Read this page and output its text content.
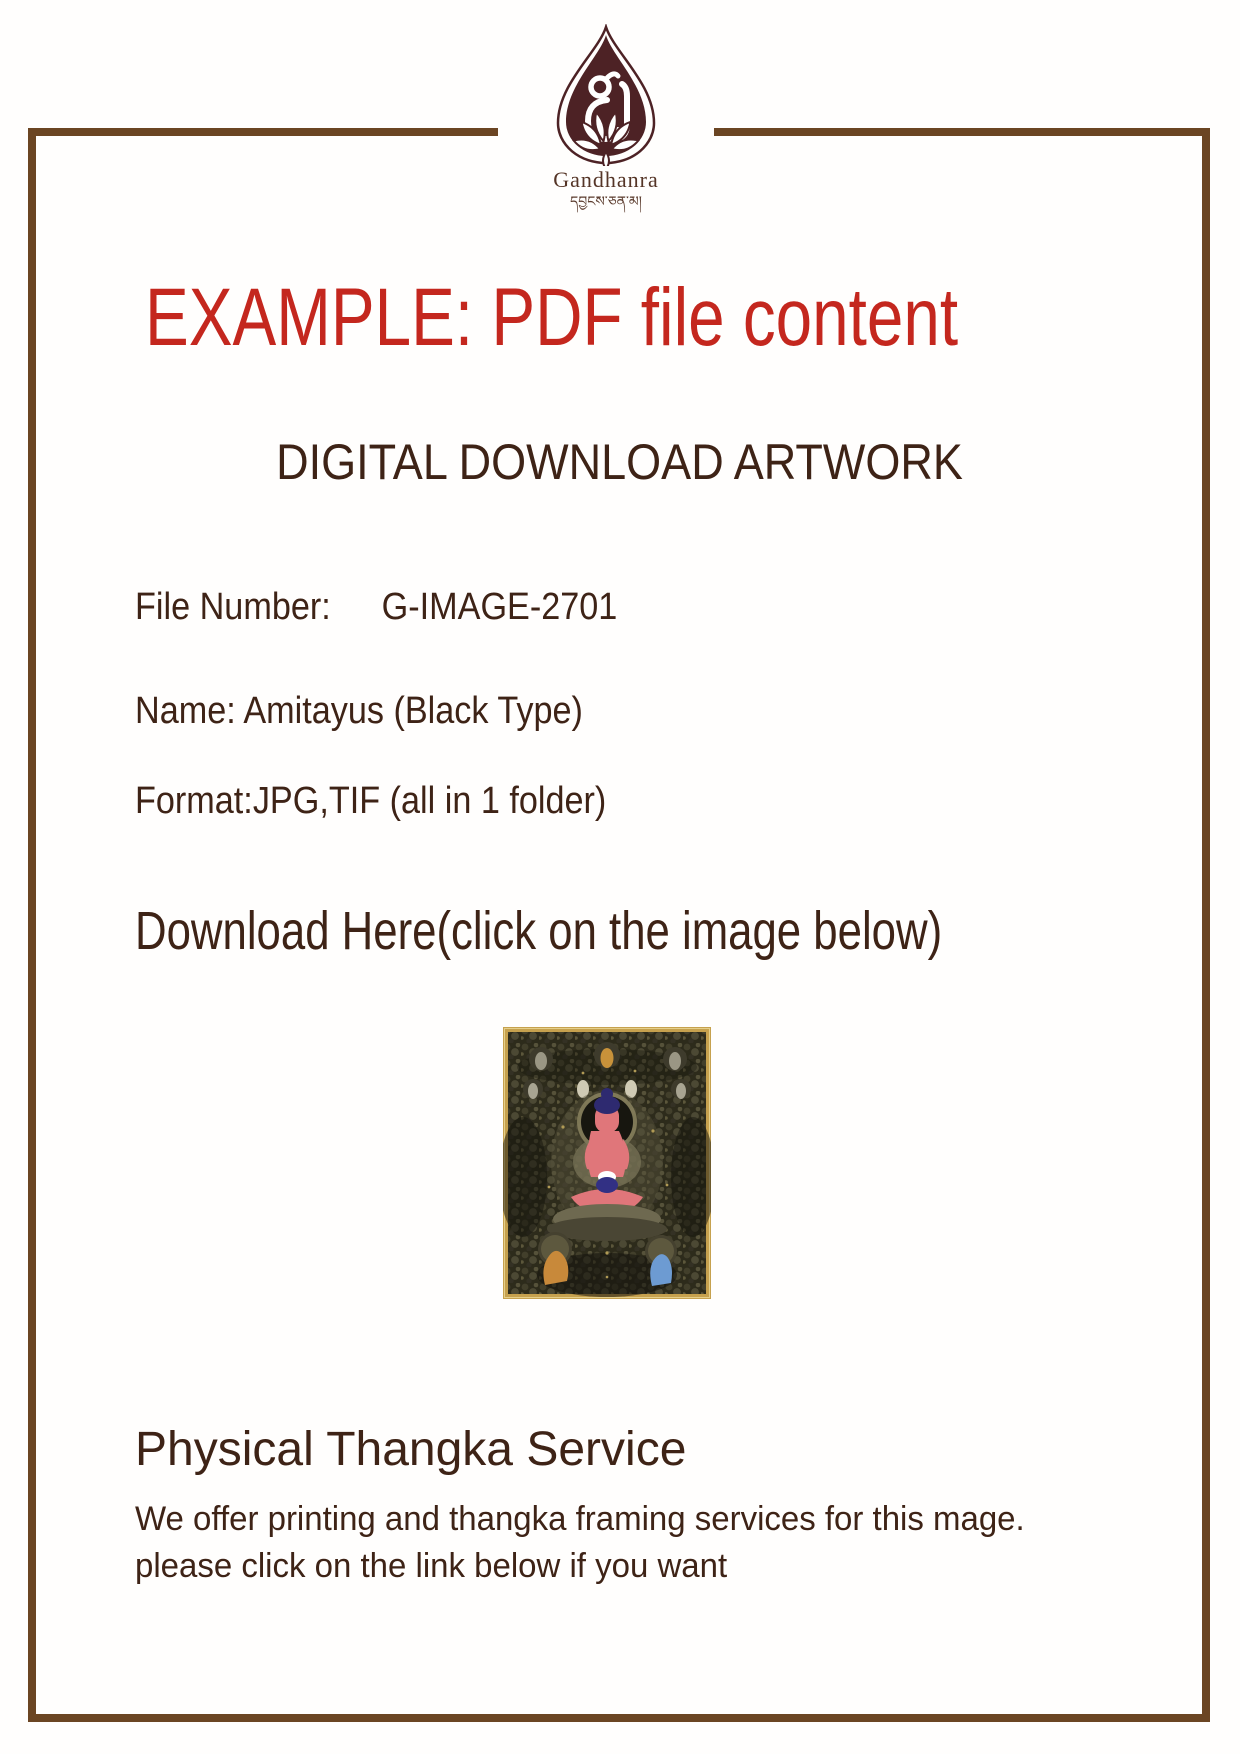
Gandhanra
དབྱངས་ཅན་མ།
EXAMPLE: PDF file content
DIGITAL DOWNLOAD ARTWORK
File Number: G-IMAGE-2701
Name: Amitayus (Black Type)
Format:JPG,TIF (all in 1 folder)
Download Here(click on the image below)
Physical Thangka Service
We offer printing and thangka framing services for this mage.
please click on the link below if you want
